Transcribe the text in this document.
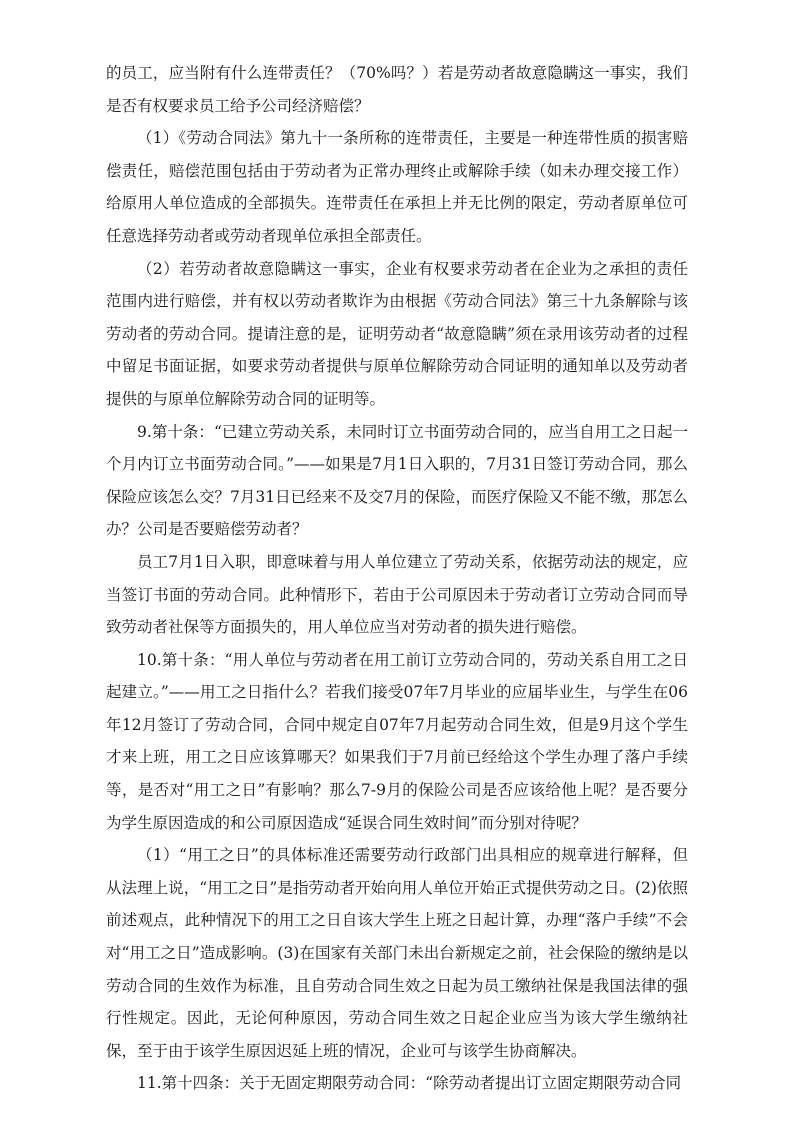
的员工，应当附有什么连带责任？（70%吗？）若是劳动者故意隐瞒这一事实，我们是否有权要求员工给予公司经济赔偿？

（1）《劳动合同法》第九十一条所称的连带责任，主要是一种连带性质的损害赔偿责任，赔偿范围包括由于劳动者为正常办理终止或解除手续（如未办理交接工作）给原用人单位造成的全部损失。连带责任在承担上并无比例的限定，劳动者原单位可任意选择劳动者或劳动者现单位承担全部责任。

（2）若劳动者故意隐瞒这一事实，企业有权要求劳动者在企业为之承担的责任范围内进行赔偿，并有权以劳动者欺诈为由根据《劳动合同法》第三十九条解除与该劳动者的劳动合同。提请注意的是，证明劳动者“故意隐瞒”须在录用该劳动者的过程中留足书面证据，如要求劳动者提供与原单位解除劳动合同证明的通知单以及劳动者提供的与原单位解除劳动合同的证明等。

9.第十条：“已建立劳动关系，未同时订立书面劳动合同的，应当自用工之日起一个月内订立书面劳动合同。”——如果是7月1日入职的，7月31日签订劳动合同，那么保险应该怎么交？7月31日已经来不及交7月的保险，而医疗保险又不能不缴，那怎么办？公司是否要赔偿劳动者？

员工7月1日入职，即意味着与用人单位建立了劳动关系，依据劳动法的规定，应当签订书面的劳动合同。此种情形下，若由于公司原因未于劳动者订立劳动合同而导致劳动者社保等方面损失的，用人单位应当对劳动者的损失进行赔偿。

10.第十条：“用人单位与劳动者在用工前订立劳动合同的，劳动关系自用工之日起建立。”——用工之日指什么？若我们接受07年7月毕业的应届毕业生，与学生在06年12月签订了劳动合同，合同中规定自07年7月起劳动合同生效，但是9月这个学生才来上班，用工之日应该算哪天？如果我们于7月前已经给这个学生办理了落户手续等，是否对“用工之日”有影响？那么7-9月的保险公司是否应该给他上呢？是否要分为学生原因造成的和公司原因造成“延误合同生效时间”而分别对待呢？

（1）“用工之日”的具体标准还需要劳动行政部门出具相应的规章进行解释，但从法理上说，“用工之日”是指劳动者开始向用人单位开始正式提供劳动之日。(2)依照前述观点，此种情况下的用工之日自该大学生上班之日起计算，办理“落户手续”不会对“用工之日”造成影响。(3)在国家有关部门未出台新规定之前，社会保险的缴纳是以劳动合同的生效作为标准，且自劳动合同生效之日起为员工缴纳社保是我国法律的强行性规定。因此，无论何种原因，劳动合同生效之日起企业应当为该大学生缴纳社保，至于由于该学生原因迟延上班的情况，企业可与该学生协商解决。

11.第十四条：关于无固定期限劳动合同：“除劳动者提出订立固定期限劳动合同
